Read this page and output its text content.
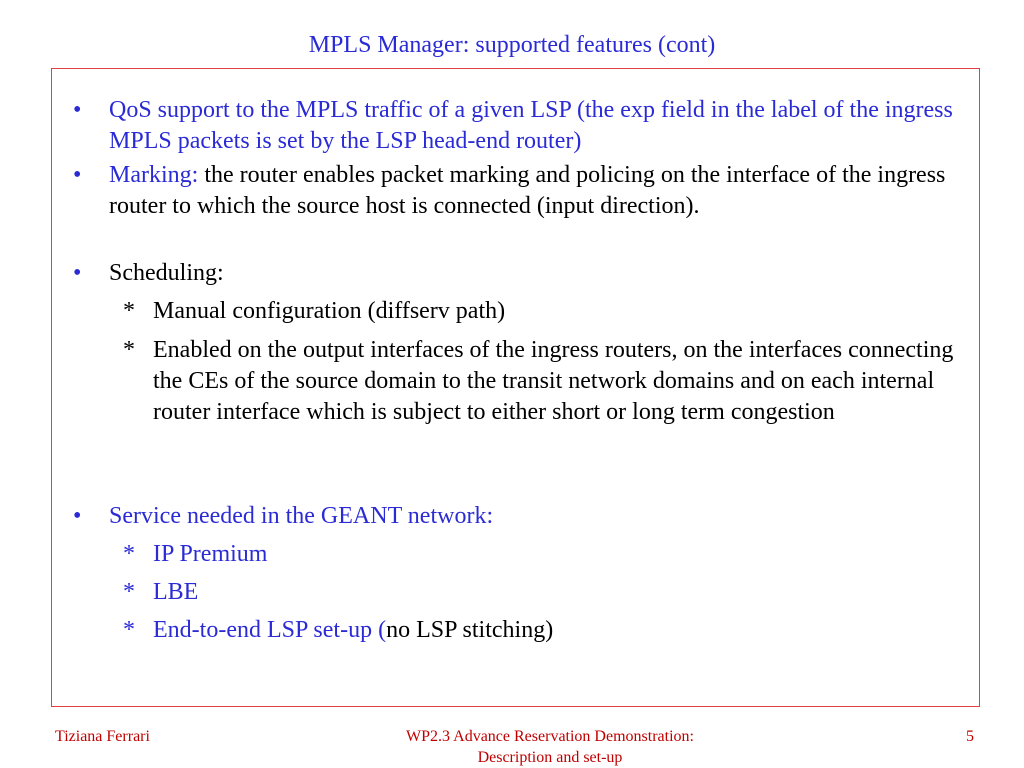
MPLS Manager: supported features (cont)
• QoS support to the MPLS traffic of a given LSP (the exp field in the label of the ingress MPLS packets is set by the LSP head-end router)
• Marking: the router enables packet marking and policing on the interface of the ingress router to which the source host is connected (input direction).
• Scheduling:
* Manual configuration (diffserv path)
* Enabled on the output interfaces of the ingress routers, on the interfaces connecting the CEs of the source domain to the transit network domains and on each internal router interface which is subject to either short or long term congestion
• Service needed in the GEANT network:
* IP Premium
* LBE
* End-to-end LSP set-up (no LSP stitching)
Tiziana Ferrari	WP2.3 Advance Reservation Demonstration:
Description and set-up
5
